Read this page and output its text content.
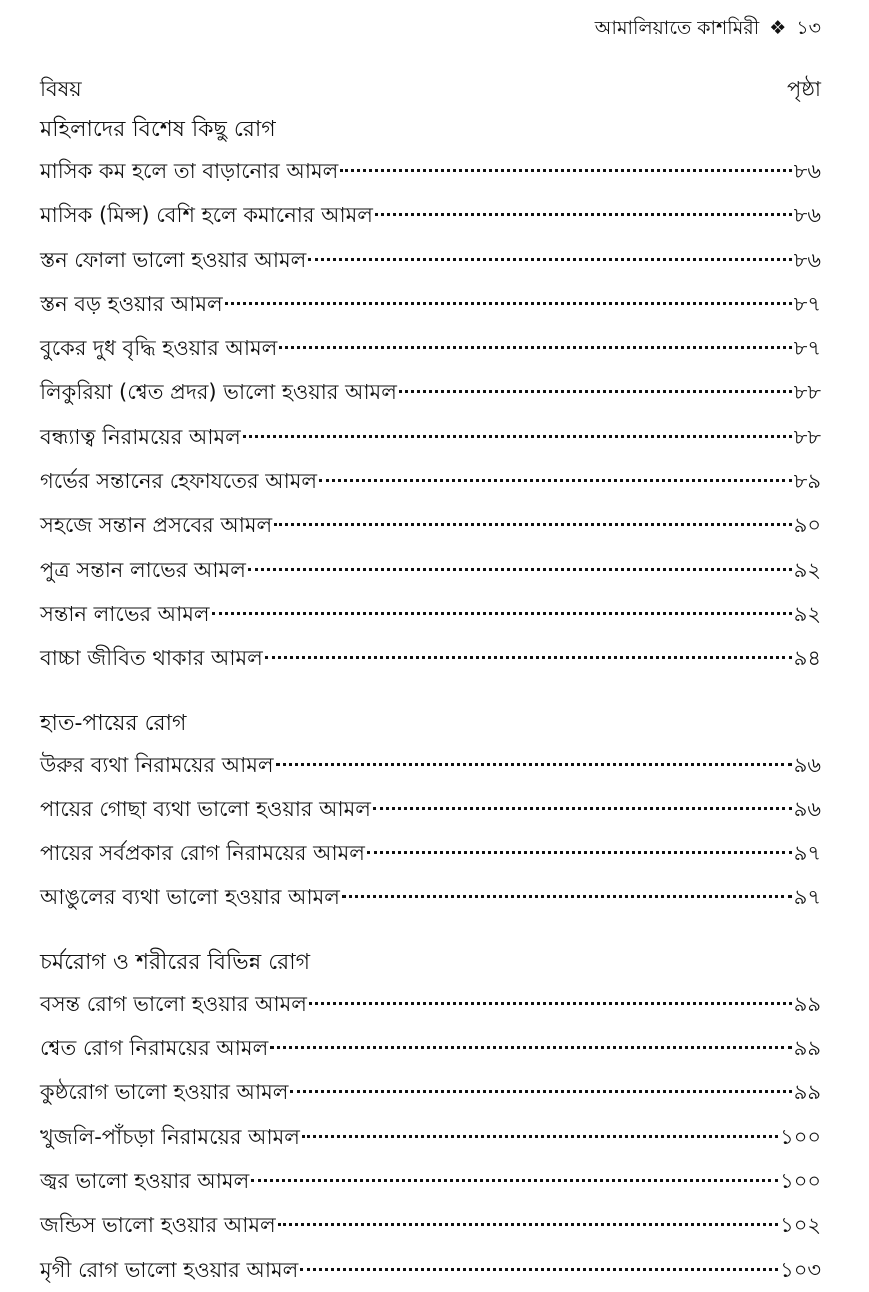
আমালিয়াতে কাশমিরী ❖ ১৩
বিষয়	পৃষ্ঠা
মহিলাদের বিশেষ কিছু রোগ
মাসিক কম হলে তা বাড়ানোর আমল	৮৬
মাসিক (মিন্স) বেশি হলে কমানোর আমল	৮৬
স্তন ফোলা ভালো হওয়ার আমল	৮৬
স্তন বড় হওয়ার আমল	৮৭
বুকের দুধ বৃদ্ধি হওয়ার আমল	৮৭
লিকুরিয়া (শ্বেত প্রদর) ভালো হওয়ার আমল	৮৮
বন্ধ্যাত্ব নিরাময়ের আমল	৮৮
গর্ভের সন্তানের হেফাযতের আমল	৮৯
সহজে সন্তান প্রসবের আমল	৯০
পুত্র সন্তান লাভের আমল	৯২
সন্তান লাভের আমল	৯২
বাচ্চা জীবিত থাকার আমল	৯৪
হাত-পায়ের রোগ
উরুর ব্যথা নিরাময়ের আমল	৯৬
পায়ের গোছা ব্যথা ভালো হওয়ার আমল	৯৬
পায়ের সর্বপ্রকার রোগ নিরাময়ের আমল	৯৭
আঙুলের ব্যথা ভালো হওয়ার আমল	৯৭
চর্মরোগ ও শরীরের বিভিন্ন রোগ
বসন্ত রোগ ভালো হওয়ার আমল	৯৯
শ্বেত রোগ নিরাময়ের আমল	৯৯
কুষ্ঠরোগ ভালো হওয়ার আমল	৯৯
খুজলি-পাঁচড়া নিরাময়ের আমল	১০০
জ্বর ভালো হওয়ার আমল	১০০
জন্ডিস ভালো হওয়ার আমল	১০২
মৃগী রোগ ভালো হওয়ার আমল	১০৩
